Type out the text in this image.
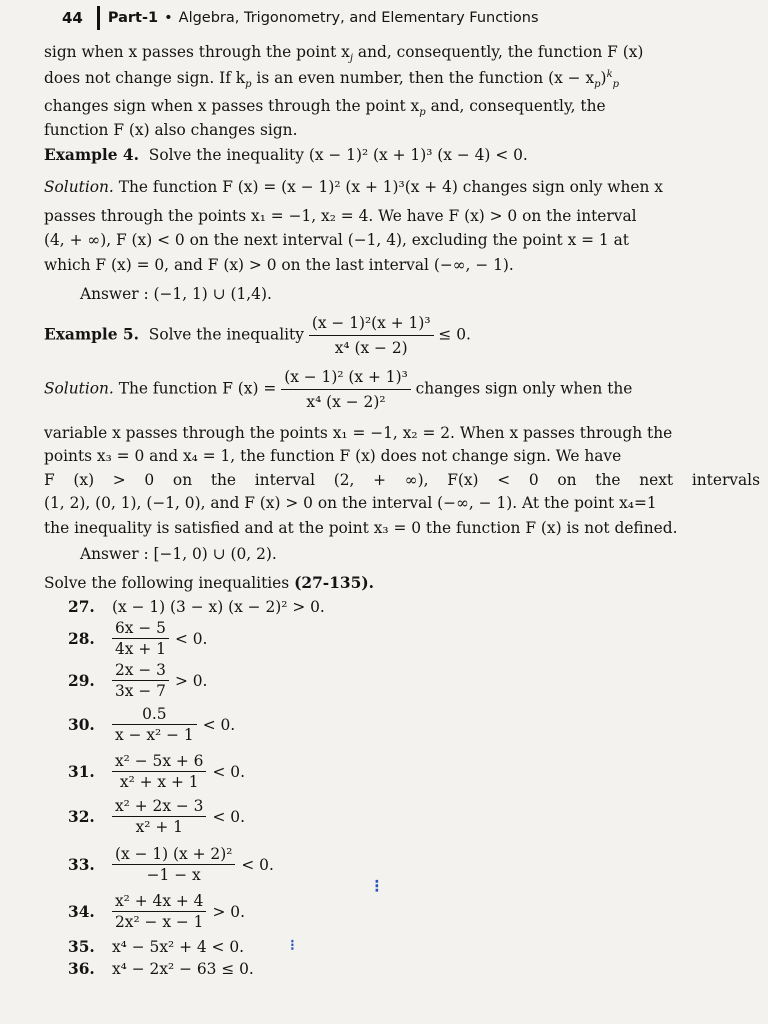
44 Part-1 • Algebra, Trigonometry, and Elementary Functions
sign when x passes through the point $x_j$ and, consequently, the function F (x)
does not change sign. If $k_p$ is an even number, then the function $(x - x_p)^k_p$
changes sign when x passes through the point $x_p$ and, consequently, the
function F (x) also changes sign.
Example 4. Solve the inequality (x − 1)² (x + 1)³ (x − 4) < 0.
Solution. The function F (x) = (x − 1)² (x + 1)³(x + 4) changes sign only when x
passes through the points x₁ = −1, x₂ = 4. We have F (x) > 0 on the interval
(4, + ∞), F (x) < 0 on the next interval (−1, 4), excluding the point x = 1 at
which F (x) = 0, and F (x) > 0 on the last interval (−∞, − 1).
Answer : (−1, 1) ∪ (1,4).
Example 5. Solve the inequality $\frac{\text{(x − 1)²(x + 1)³}}{\text{x⁴ (x − 2)}} \le 0$.
Solution. The function F $(x) = \frac{\text{(x − 1)² (x + 1)³}}{\text{x⁴ (x − 2)²}}$ changes sign only when the
variable x passes through the points x₁ = −1, x₂ = 2. When x passes through the
points x₃ = 0 and x₄ = 1, the function F (x) does not change sign. We have
F (x) > 0 on the interval (2, + ∞), F(x) < 0 on the next intervals
(1, 2), (0, 1), (−1, 0), and F (x) > 0 on the interval (−∞, − 1). At the point x₄=1
the inequality is satisfied and at the point x₃ = 0 the function F (x) is not defined.
Answer : [−1, 0) ∪ (0, 2).
Solve the following inequalities (27-135).
27.	(x − 1) (3 − x) (x − 2)² > 0.
28.	$\frac{6x - 5}{4x + 1} < 0$.
29.	$\frac{2x - 3}{3x - 7} > 0$.
30.	$\frac{0.5}{\text{x − x² − 1}} < 0$.
31.	$\frac{\text{x² − 5x + 6}}{\text{x² + x + 1}} < 0$.
32.	$\frac{\text{x² + 2x − 3}}{\text{x² + 1}} < 0$.
33.	$\frac{\text{(x − 1) (x + 2)²}}{-1 - x} < 0$.
34.	$\frac{\text{x² + 4x + 4}}{\text{2x² − x − 1}} > 0$.
35.	x⁴ − 5x² + 4 < 0.
36.	x⁴ − 2x² − 63 ≤ 0.
⁝
⁝
